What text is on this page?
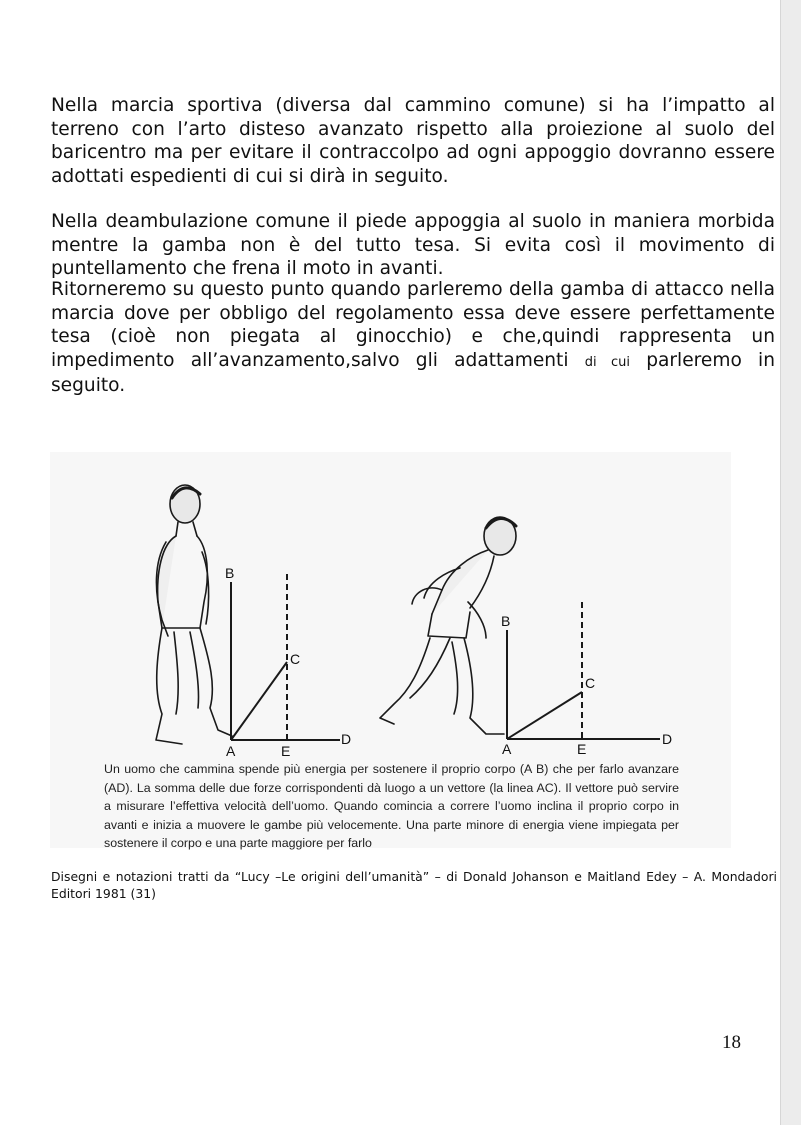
Nella marcia sportiva (diversa dal cammino comune) si ha l’impatto al terreno con l’arto disteso avanzato rispetto alla proiezione al suolo del baricentro ma per evitare il contraccolpo ad ogni appoggio dovranno essere adottati espedienti di cui si dirà in seguito.

Nella deambulazione comune il piede appoggia al suolo in maniera morbida mentre la gamba non è del tutto tesa. Si evita così il movimento di puntellamento che frena il moto in avanti.

Ritorneremo su questo punto quando parleremo della gamba di attacco nella marcia dove per obbligo del regolamento essa deve essere perfettamente tesa (cioè non piegata al ginocchio) e che,quindi rappresenta un impedimento all’avanzamento,salvo gli adattamenti di cui parleremo in seguito.

B
C
A	E
D
B
C
A	E
D

Un uomo che cammina spende più energia per sostenere il proprio corpo (A B) che per farlo avanzare (AD). La somma delle due forze corrispondenti dà luogo a un vettore (la linea AC). Il vettore può servire a misurare l’effettiva velocità dell’uomo. Quando comincia a correre l’uomo inclina il proprio corpo in avanti e inizia a muovere le gambe più velocemente. Una parte minore di energia viene impiegata per sostenere il corpo e una parte maggiore per farlo

Disegni e notazioni tratti da “Lucy –Le origini dell’umanità” – di Donald Johanson e Maitland Edey – A. Mondadori Editori 1981 (31)

18
